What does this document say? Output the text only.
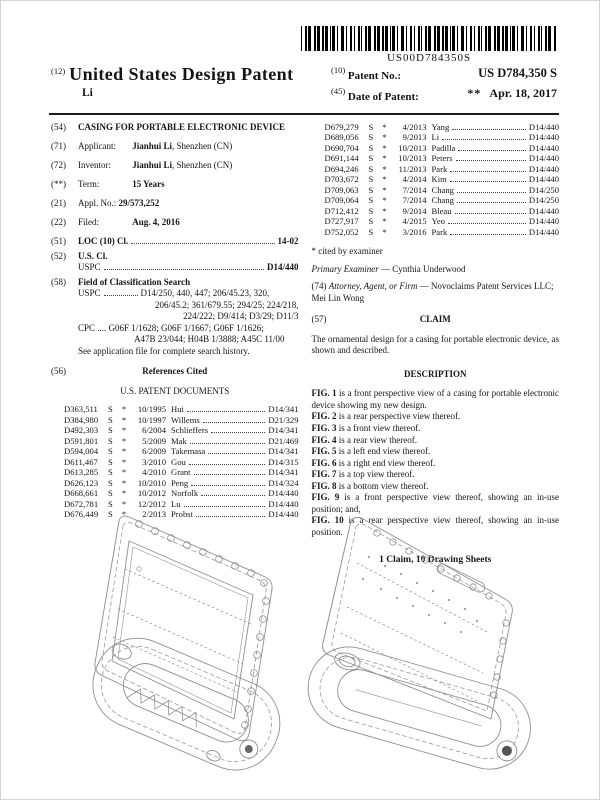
US00D784350S
$^{(12)}$ United States Design Patent
Li
$^{(10)}$ Patent No.:	US D784,350 S
$^{(45)}$ Date of Patent:	** Apr. 18, 2017
(54)	CASING FOR PORTABLE ELECTRONIC DEVICE
(71)	Applicant: Jianhui Li, Shenzhen (CN)
(72)	Inventor: Jianhui Li, Shenzhen (CN)
(**)	Term:	15 Years
(21)	Appl. No.: 29/573,252
(22)	Filed:	Aug. 4, 2016
(51)	LOC (10) Cl.	14-02
(52)	U.S. Cl.
USPC	D14/440
(58)	Field of Classification Search
USPC	D14/250, 440, 447; 206/45.23, 320,
206/45.2; 361/679.55; 294/25; 224/218,
224/222; D9/414; D3/29; D11/3
CPC ....
G06F 1/1628; G06F 1/1667; G06F 1/1626;
A47B 23/044; H04B 1/3888; A45C 11/00
See application file for complete search history.
(56)	References Cited
U.S. PATENT DOCUMENTS
D363,511	S	*	10/1995 Hui	D14/341
D384,980	S	*	10/1997 Willems	D21/329
D492,303	S	*	6/2004 Schlieffers	D14/341
D591,801	S	*	5/2009 Mak	D21/469
D594,004	S	*	6/2009 Takemasa	D14/341
D611,467	S	*	3/2010 Gou	D14/315
D613,285	S	*	4/2010 Grant	D14/341
D626,123	S	*	10/2010 Peng	D14/324
D668,661	S	*	10/2012 Norfolk	D14/440
D672,781	S	*	12/2012 Lu	D14/440
D676,449	S	*	2/2013 Probst	D14/440
D679,279	S	*	4/2013 Yang	D14/440
D689,056	S	*	9/2013 Li	D14/440
D690,704	S	*	10/2013 Padilla	D14/440
D691,144	S	*	10/2013 Peters	D14/440
D694,246	S	*	11/2013 Park	D14/440
D703,672	S	*	4/2014 Kim	D14/440
D709,063	S	*	7/2014 Chang	D14/250
D709,064	S	*	7/2014 Chang	D14/250
D712,412	S	*	9/2014 Bleau	D14/440
D727,917	S	*	4/2015 Yeo	D14/440
D752,052	S	*	3/2016 Park	D14/440
* cited by examiner
Primary Examiner — Cynthia Underwood
(74) Attorney, Agent, or Firm — Novoclaims Patent Services LLC; Mei Lin Wong
(57)	CLAIM
The ornamental design for a casing for portable electronic device, as shown and described.
DESCRIPTION
FIG. 1 is a front perspective view of a casing for portable electronic device showing my new design.
FIG. 2 is a rear perspective view thereof.
FIG. 3 is a front view thereof.
FIG. 4 is a rear view thereof.
FIG. 5 is a left end view thereof.
FIG. 6 is a right end view thereof.
FIG. 7 is a top view thereof.
FIG. 8 is a bottom view thereof.
FIG. 9 is a front perspective view thereof, showing an in-use position; and,
FIG. 10 is a rear perspective view thereof, showing an in-use position.
1 Claim, 10 Drawing Sheets
